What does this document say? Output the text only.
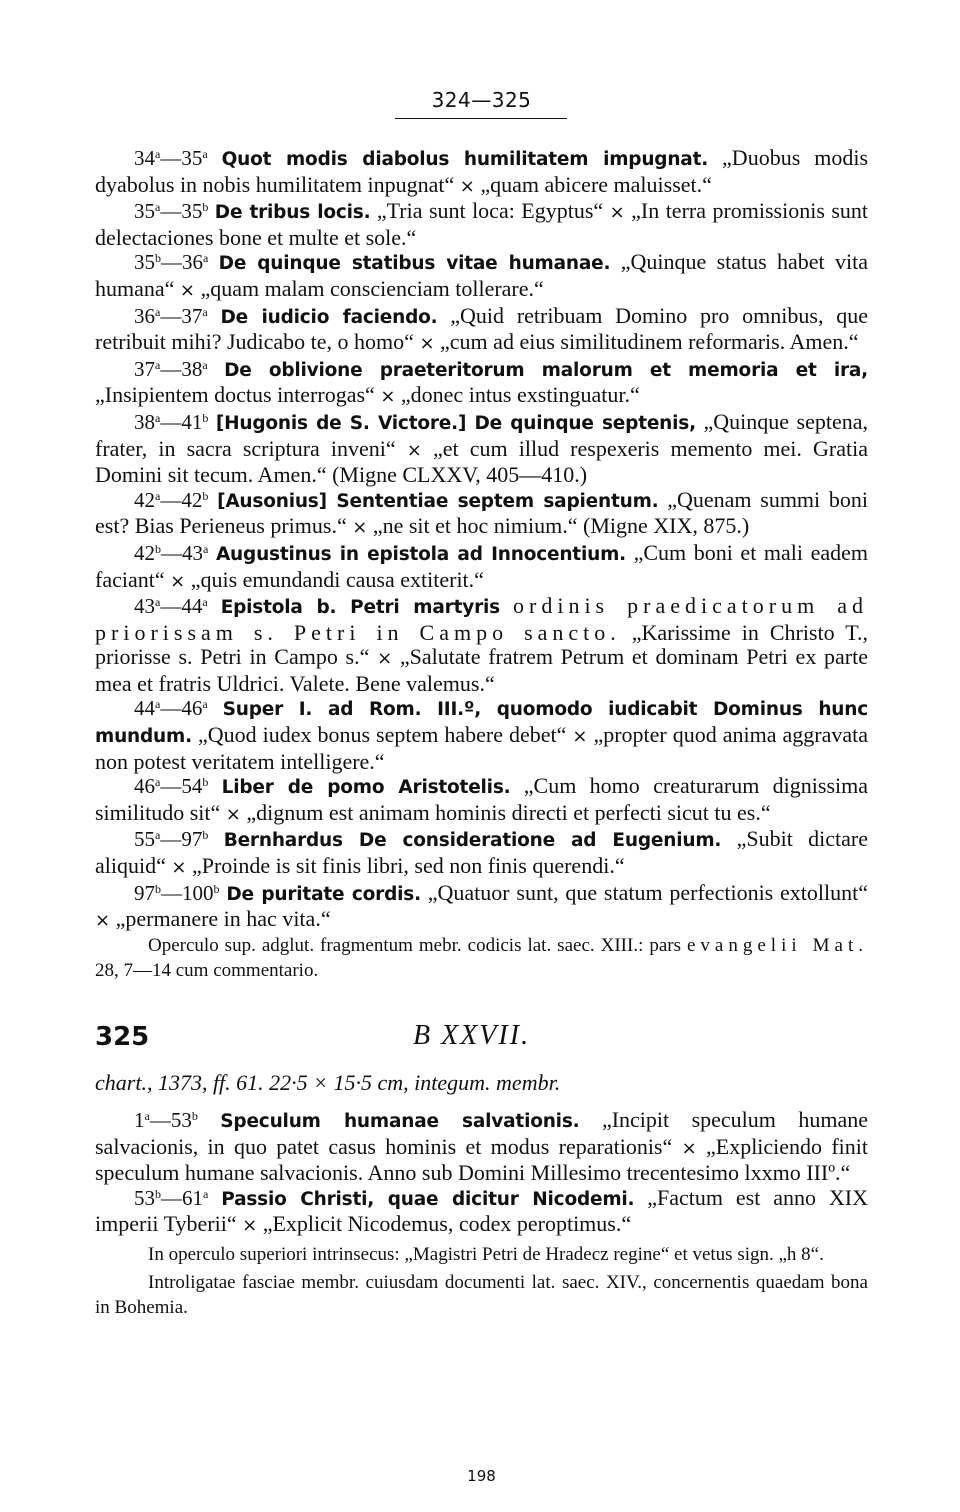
324—325
34$^a$—35$^a$ Quot modis diabolus humilitatem impugnat. „Duobus modis dyabolus in nobis humilitatem inpugnat“ × „quam abicere maluisset.“
35$^a$—35$^b$ De tribus locis. „Tria sunt loca: Egyptus“ × „In terra promissionis sunt delectaciones bone et multe et sole.“
35$^b$—36$^a$ De quinque statibus vitae humanae. „Quinque status habet vita humana“ × „quam malam conscienciam tollerare.“
36$^a$—37$^a$ De iudicio faciendo. „Quid retribuam Domino pro omnibus, que retribuit mihi? Judicabo te, o homo“ × „cum ad eius similitudinem reformaris. Amen.“
37$^a$—38$^a$ De oblivione praeteritorum malorum et memoria et ira, „Insipientem doctus interrogas“ × „donec intus exstinguatur.“
38$^a$—41$^b$ [Hugonis de S. Victore.] De quinque septenis, „Quinque septena, frater, in sacra scriptura inveni“ × „et cum illud respexeris memento mei. Gratia Domini sit tecum. Amen.“ (Migne CLXXV, 405—410.)
42$^a$—42$^b$ [Ausonius] Sententiae septem sapientum. „Quenam summi boni est? Bias Perieneus primus.“ × „ne sit et hoc nimium.“ (Migne XIX, 875.)
42$^b$—43$^a$ Augustinus in epistola ad Innocentium. „Cum boni et mali eadem faciant“ × „quis emundandi causa extiterit.“
43$^a$—44$^a$ Epistola b. Petri martyris ordinis praedicatorum ad priorissam s. Petri in Campo sancto. „Karissime in Christo T., priorisse s. Petri in Campo s.“ × „Salutate fratrem Petrum et dominam Petri ex parte mea et fratris Uldrici. Valete. Bene valemus.“
44$^a$—46$^a$ Super I. ad Rom. III.º, quomodo iudicabit Dominus hunc mundum. „Quod iudex bonus septem habere debet“ × „propter quod anima aggravata non potest veritatem intelligere.“
46$^a$—54$^b$ Liber de pomo Aristotelis. „Cum homo creaturarum dignissima similitudo sit“ × „dignum est animam hominis directi et perfecti sicut tu es.“
55$^a$—97$^b$ Bernhardus De consideratione ad Eugenium. „Subit dictare aliquid“ × „Proinde is sit finis libri, sed non finis querendi.“
97$^b$—100$^b$ De puritate cordis. „Quatuor sunt, que statum perfectionis extollunt“ × „permanere in hac vita.“
Operculo sup. adglut. fragmentum mebr. codicis lat. saec. XIII.: pars evangelii Mat. 28, 7—14 cum commentario.
325	B XXVII.
chart., 1373, ff. 61. 22·5 × 15·5 cm, integum. membr.
1$^a$—53$^b$ Speculum humanae salvationis. „Incipit speculum humane salvacionis, in quo patet casus hominis et modus reparationis“ × „Expliciendo finit speculum humane salvacionis. Anno sub Domini Millesimo trecentesimo lxxmo IIIº.“
53$^b$—61$^a$ Passio Christi, quae dicitur Nicodemi. „Factum est anno XIX imperii Tyberii“ × „Explicit Nicodemus, codex peroptimus.“
In operculo superiori intrinsecus: „Magistri Petri de Hradecz regine“ et vetus sign. „h 8“.
Introligatae fasciae membr. cuiusdam documenti lat. saec. XIV., concernentis quaedam bona in Bohemia.
198
